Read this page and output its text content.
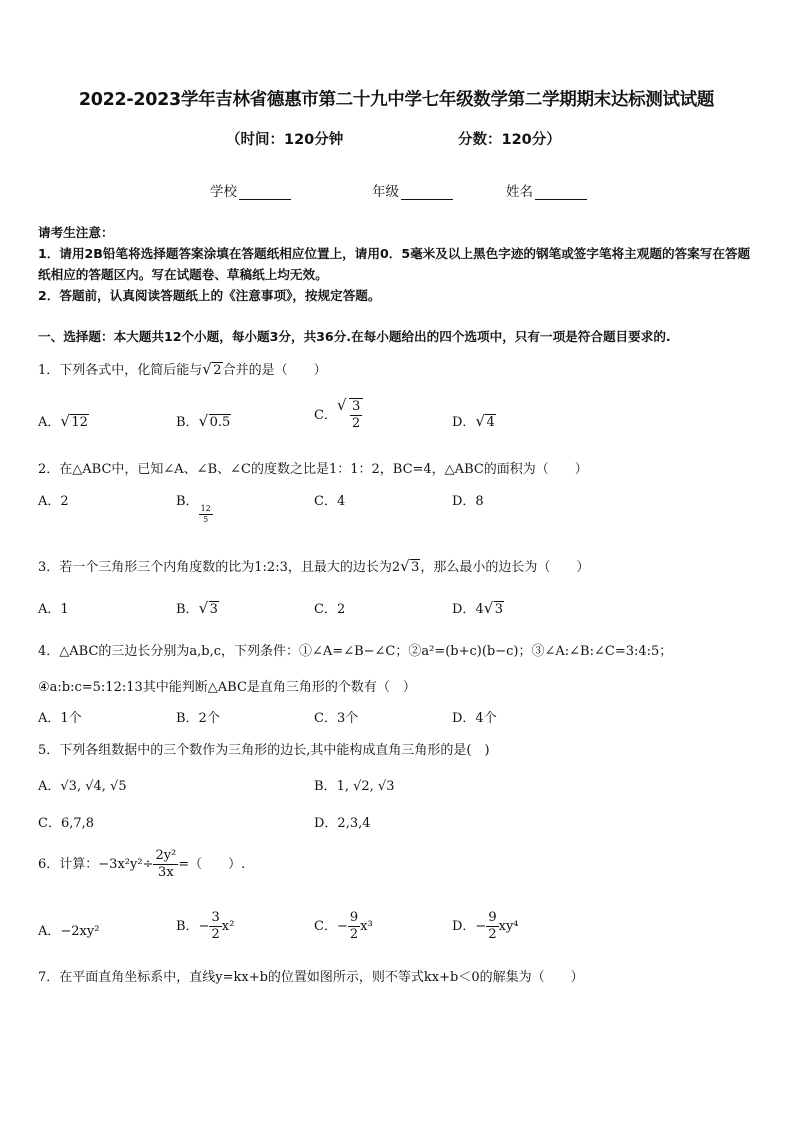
2022-2023学年吉林省德惠市第二十九中学七年级数学第二学期期末达标测试试题
（时间：120分钟	分数：120分）
学校	年级	姓名
请考生注意：
1．请用2B铅笔将选择题答案涂填在答题纸相应位置上，请用0．5毫米及以上黑色字迹的钢笔或签字笔将主观题的答案写在答题纸相应的答题区内。写在试题卷、草稿纸上均无效。
2．答题前，认真阅读答题纸上的《注意事项》，按规定答题。
一、选择题：本大题共12个小题，每小题3分，共36分.在每小题给出的四个选项中，只有一项是符合题目要求的.
1．下列各式中，化简后能与 √ 2合并的是（　　）
A． √ 12	B． √ 0.5	C． √ $\frac{3}{2}$	D． √ 4
2．在△ABC中，已知∠A、∠B、∠C的度数之比是1：1：2，BC=4，△ABC的面积为（　　）
A．2	B．
$\frac{12}{5}$
C．4	D．8
3．若一个三角形三个内角度数的比为1:2:3，且最大的边长为2 √ 3，那么最小的边长为（　　）
A．1	B． √ 3	C．2	D．4 √ 3
4．△ABC的三边长分别为a,b,c，下列条件：①∠A=∠B−∠C；②a²=(b+c)(b−c)；③∠A:∠B:∠C=3:4:5；
④a:b:c=5:12:13其中能判断△ABC是直角三角形的个数有（　）
A．1个	B．2个	C．3个	D．4个
5．下列各组数据中的三个数作为三角形的边长,其中能构成直角三角形的是(　)
A．√3, √4, √5	B．1, √2, √3
C．6,7,8	D．2,3,4
6．计算：$-3x^2y^2\div \frac{\text{2y²}}{3x}$ =（　　）.
A．−2xy²	B．− $\frac{3}{2} x^2$	C．− $\frac{9}{2} x^3$	D．− $\frac{9}{2} xy^4$
7．在平面直角坐标系中，直线y=kx+b的位置如图所示，则不等式kx+b＜0的解集为（　　）
